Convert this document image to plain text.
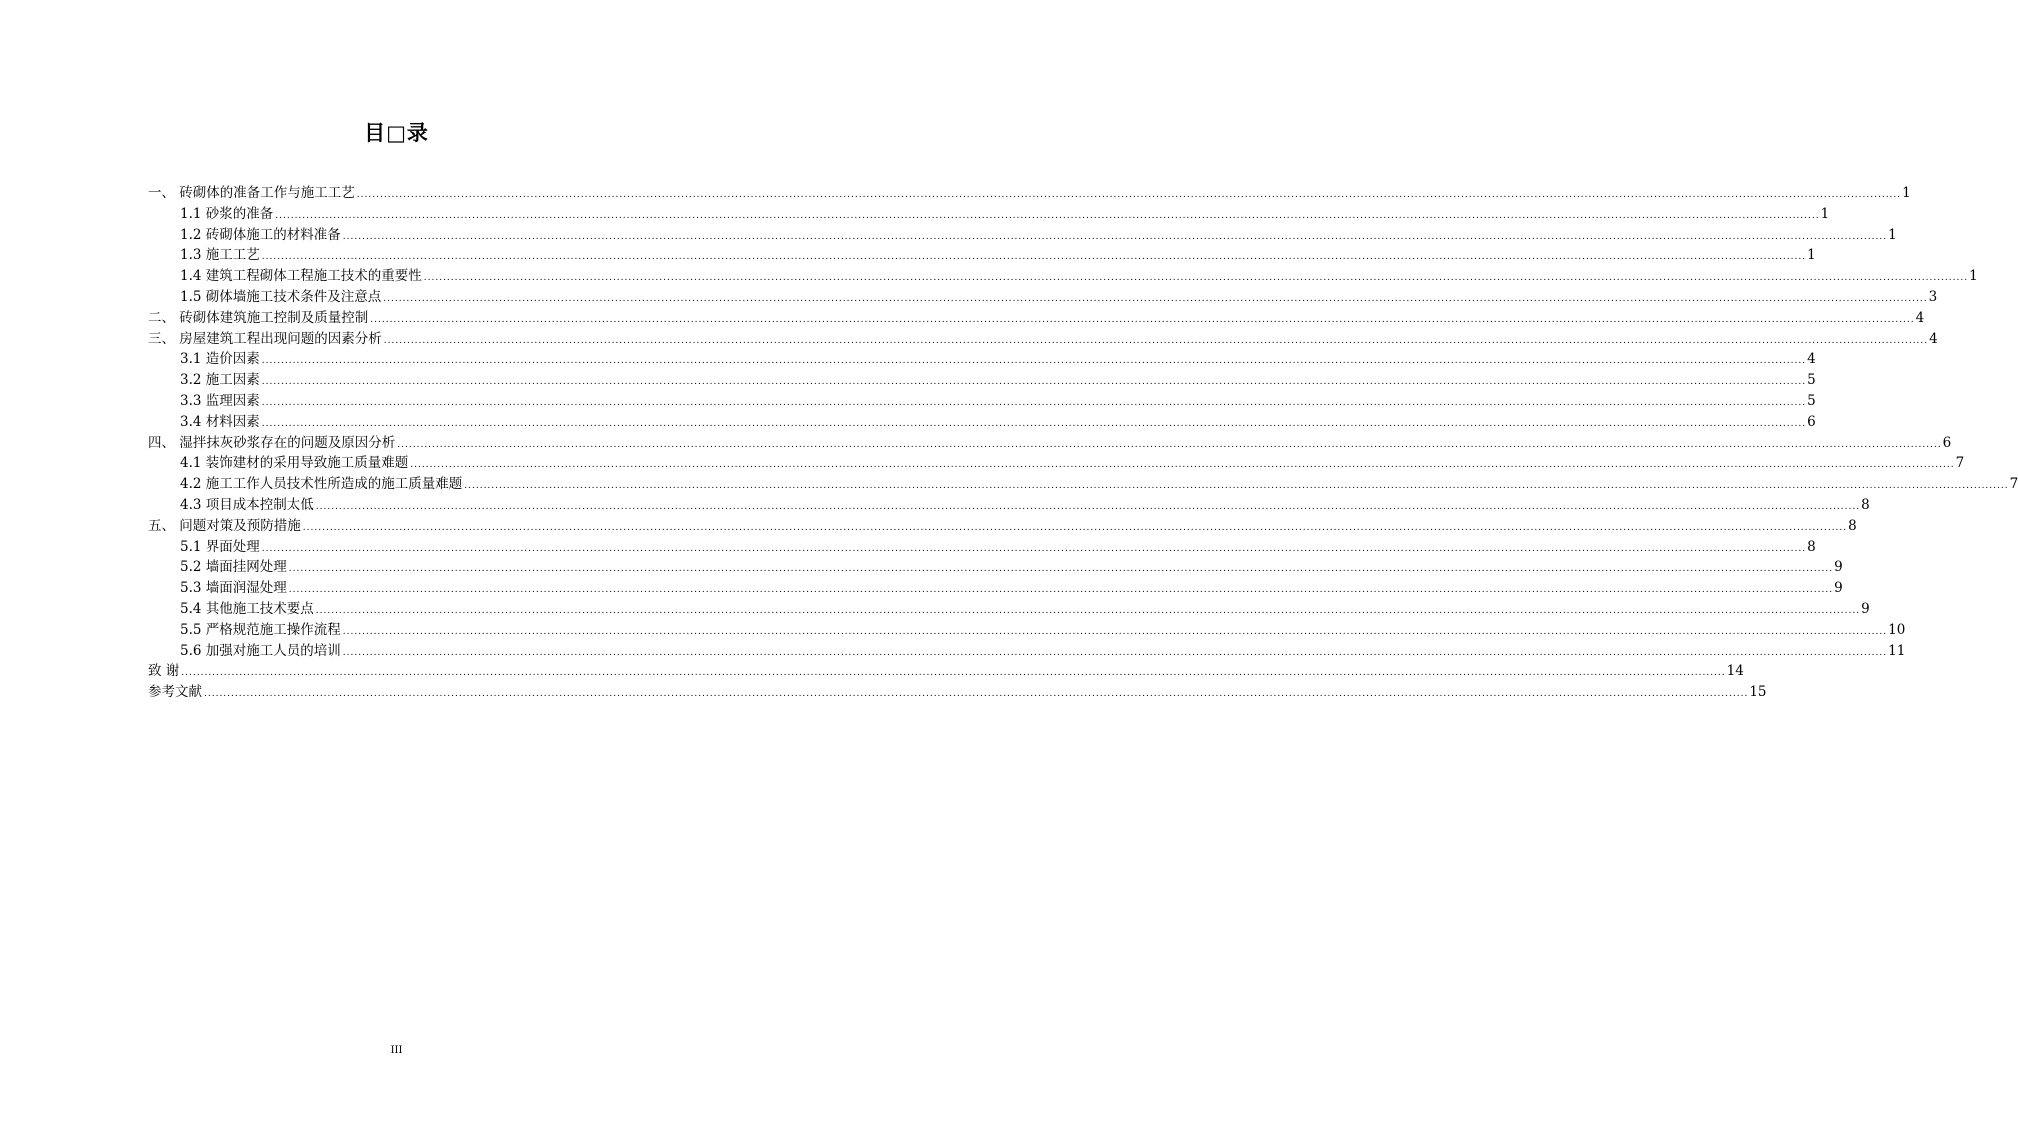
目□录
一、 砖砌体的准备工作与施工工艺 ................................................................................................................................................................................................................................................................................................................................................................................................................ 1
1.1 砂浆的准备 ................................................................................................................................................................................................................................................................................................................................................................................................................ 1
1.2 砖砌体施工的材料准备 ................................................................................................................................................................................................................................................................................................................................................................................................................ 1
1.3 施工工艺 ................................................................................................................................................................................................................................................................................................................................................................................................................ 1
1.4 建筑工程砌体工程施工技术的重要性 ................................................................................................................................................................................................................................................................................................................................................................................................................ 1
1.5 砌体墙施工技术条件及注意点 ................................................................................................................................................................................................................................................................................................................................................................................................................ 3
二、 砖砌体建筑施工控制及质量控制 ................................................................................................................................................................................................................................................................................................................................................................................................................ 4
三、 房屋建筑工程出现问题的因素分析 ................................................................................................................................................................................................................................................................................................................................................................................................................ 4
3.1 造价因素 ................................................................................................................................................................................................................................................................................................................................................................................................................ 4
3.2 施工因素 ................................................................................................................................................................................................................................................................................................................................................................................................................ 5
3.3 监理因素 ................................................................................................................................................................................................................................................................................................................................................................................................................ 5
3.4 材料因素 ................................................................................................................................................................................................................................................................................................................................................................................................................ 6
四、 湿拌抹灰砂浆存在的问题及原因分析 ................................................................................................................................................................................................................................................................................................................................................................................................................ 6
4.1 装饰建材的采用导致施工质量难题 ................................................................................................................................................................................................................................................................................................................................................................................................................ 7
4.2 施工工作人员技术性所造成的施工质量难题 ................................................................................................................................................................................................................................................................................................................................................................................................................ 7
4.3 项目成本控制太低 ................................................................................................................................................................................................................................................................................................................................................................................................................ 8
五、 问题对策及预防措施 ................................................................................................................................................................................................................................................................................................................................................................................................................ 8
5.1 界面处理 ................................................................................................................................................................................................................................................................................................................................................................................................................ 8
5.2 墙面挂网处理 ................................................................................................................................................................................................................................................................................................................................................................................................................ 9
5.3 墙面润湿处理 ................................................................................................................................................................................................................................................................................................................................................................................................................ 9
5.4 其他施工技术要点 ................................................................................................................................................................................................................................................................................................................................................................................................................ 9
5.5 严格规范施工操作流程 ................................................................................................................................................................................................................................................................................................................................................................................................................ 10
5.6 加强对施工人员的培训 ................................................................................................................................................................................................................................................................................................................................................................................................................ 11
致 谢 ................................................................................................................................................................................................................................................................................................................................................................................................................ 14
参考文献 ................................................................................................................................................................................................................................................................................................................................................................................................................ 15
III
